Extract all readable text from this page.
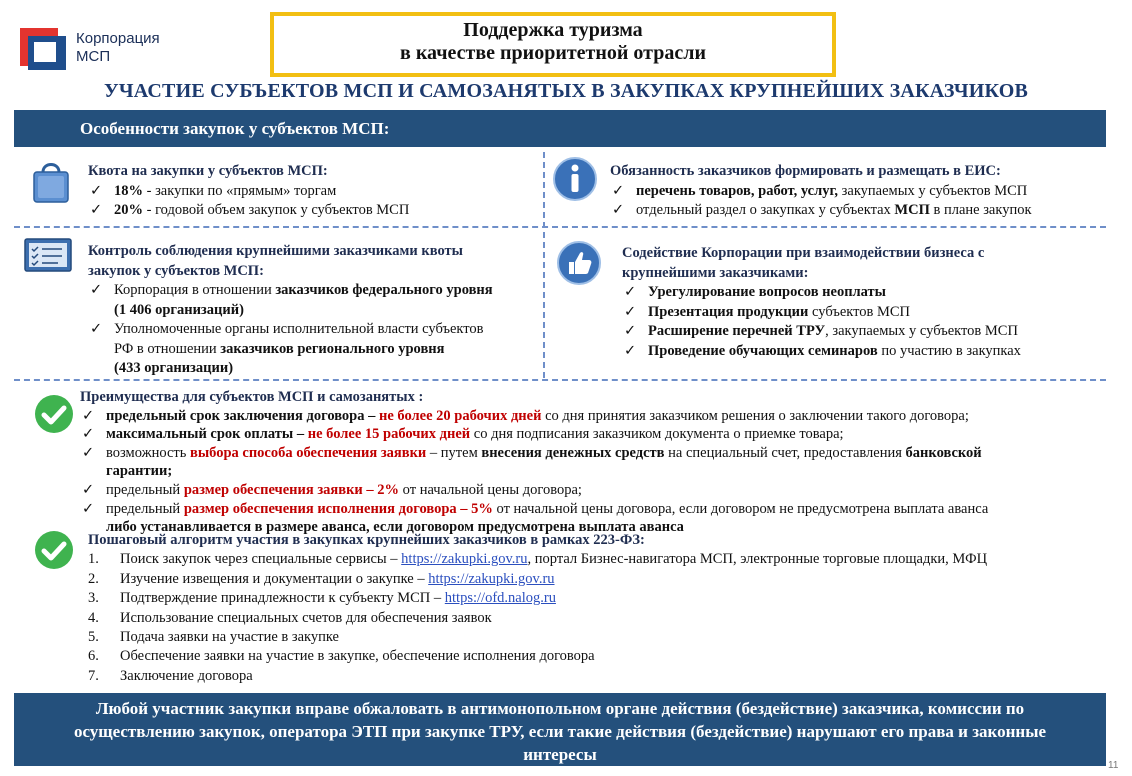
Корпорация
МСП
Поддержка туризма
в качестве приоритетной отрасли
УЧАСТИЕ СУБЪЕКТОВ МСП И САМОЗАНЯТЫХ В ЗАКУПКАХ КРУПНЕЙШИХ ЗАКАЗЧИКОВ
Особенности закупок у субъектов МСП:
Квота на закупки у субъектов МСП:
✓ 18% - закупки по «прямым» торгам
✓ 20% - годовой объем закупок у субъектов МСП
Обязанность заказчиков формировать и размещать в ЕИС:
✓ перечень товаров, работ, услуг, закупаемых у субъектов МСП
✓ отдельный раздел о закупках у субъектах МСП в плане закупок
Контроль соблюдения крупнейшими заказчиками квоты
закупок у субъектов МСП:
✓ Корпорация в отношении заказчиков федерального уровня
(1 406 организаций)
✓ Уполномоченные органы исполнительной власти субъектов
РФ в отношении заказчиков регионального уровня
(433 организации)
Содействие Корпорации при взаимодействии бизнеса с
крупнейшими заказчиками:
✓ Урегулирование вопросов неоплаты
✓ Презентация продукции субъектов МСП
✓ Расширение перечней ТРУ, закупаемых у субъектов МСП
✓ Проведение обучающих семинаров по участию в закупках
Преимущества для субъектов МСП и самозанятых :
✓ предельный срок заключения договора – не более 20 рабочих дней со дня принятия заказчиком решения о заключении такого договора;
✓ максимальный срок оплаты – не более 15 рабочих дней со дня подписания заказчиком документа о приемке товара;
✓ возможность выбора способа обеспечения заявки – путем внесения денежных средств на специальный счет, предоставления банковской
гарантии;
✓ предельный размер обеспечения заявки – 2% от начальной цены договора;
✓ предельный размер обеспечения исполнения договора – 5% от начальной цены договора, если договором не предусмотрена выплата аванса
либо устанавливается в размере аванса, если договором предусмотрена выплата аванса
Пошаговый алгоритм участия в закупках крупнейших заказчиков в рамках 223-ФЗ:
1. Поиск закупок через специальные сервисы – https://zakupki.gov.ru, портал Бизнес-навигатора МСП, электронные торговые площадки, МФЦ
2. Изучение извещения и документации о закупке – https://zakupki.gov.ru
3. Подтверждение принадлежности к субъекту МСП – https://ofd.nalog.ru
4. Использование специальных счетов для обеспечения заявок
5. Подача заявки на участие в закупке
6. Обеспечение заявки на участие в закупке, обеспечение исполнения договора
7. Заключение договора
Любой участник закупки вправе обжаловать в антимонопольном органе действия (бездействие) заказчика, комиссии по
осуществлению закупок, оператора ЭТП при закупке ТРУ, если такие действия (бездействие) нарушают его права и законные
интересы
11
